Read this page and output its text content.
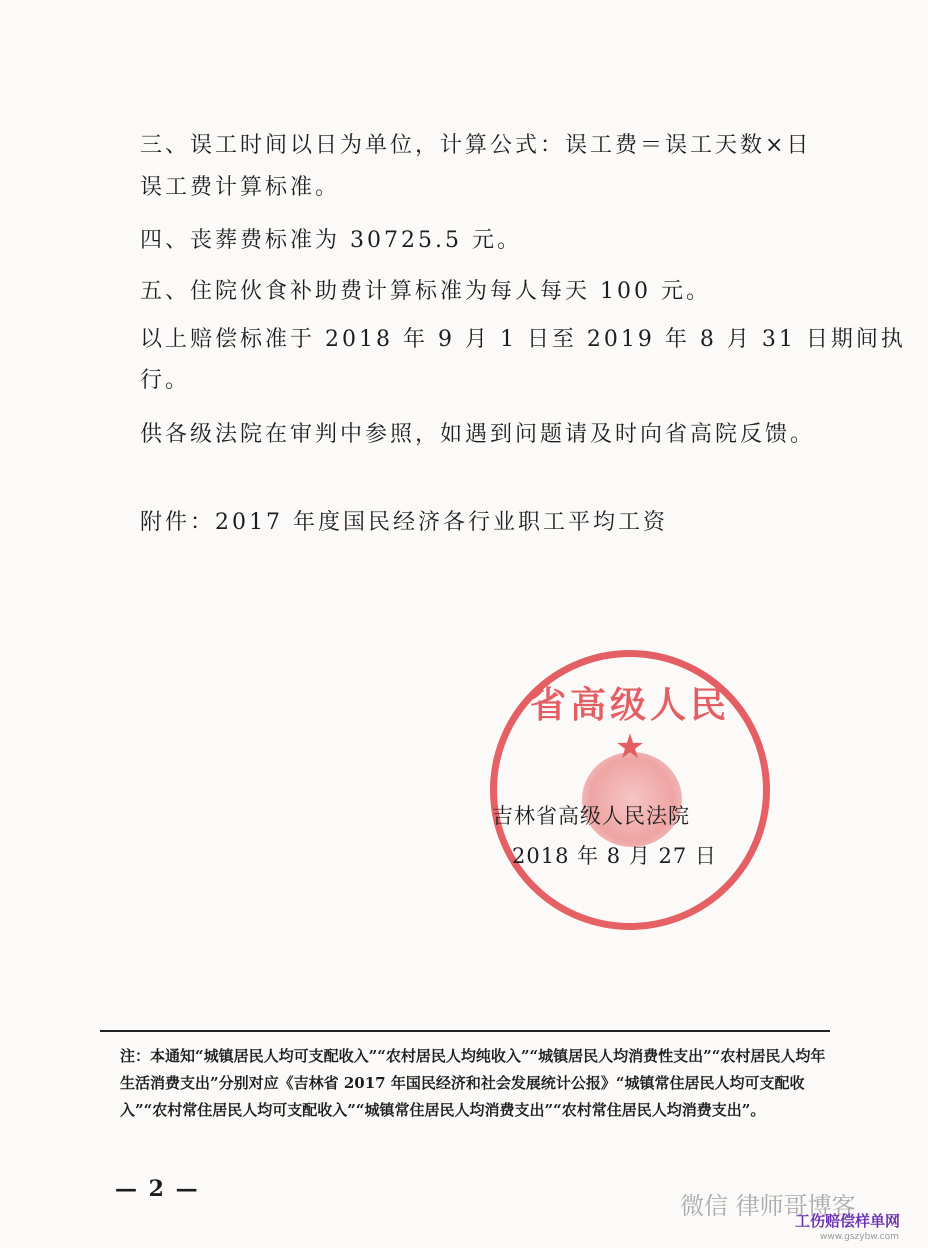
三、误工时间以日为单位，计算公式：误工费＝误工天数×日
误工费计算标准。
四、丧葬费标准为 30725.5 元。
五、住院伙食补助费计算标准为每人每天 100 元。
以上赔偿标准于 2018 年 9 月 1 日至 2019 年 8 月 31 日期间执
行。
供各级法院在审判中参照，如遇到问题请及时向省高院反馈。
附件：2017 年度国民经济各行业职工平均工资
省高级人民
★
吉林省高级人民法院
2018 年 8 月 27 日
注：本通知“城镇居民人均可支配收入”“农村居民人均纯收入”“城镇居民人均消费性支出”“农村居民人均年生活消费支出”分别对应《吉林省 2017 年国民经济和社会发展统计公报》“城镇常住居民人均可支配收入”“农村常住居民人均可支配收入”“城镇常住居民人均消费支出”“农村常住居民人均消费支出”。
— 2 —
微信 律师哥博客
工伤赔偿样单网
www.gszybw.com
